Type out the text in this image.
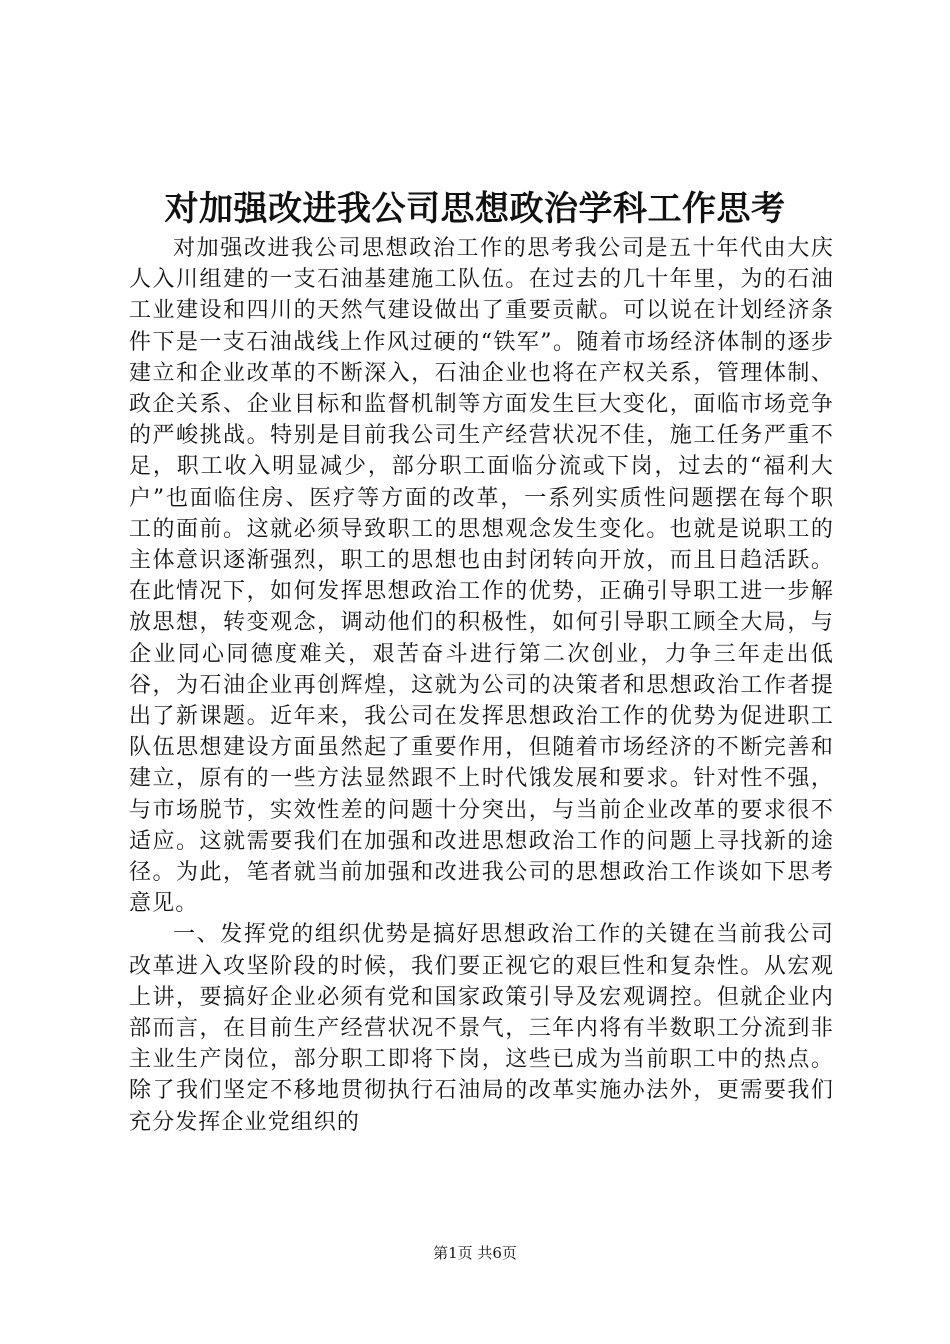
对加强改进我公司思想政治学科工作思考

对加强改进我公司思想政治工作的思考我公司是五十年代由大庆人入川组建的一支石油基建施工队伍。在过去的几十年里，为的石油工业建设和四川的天然气建设做出了重要贡献。可以说在计划经济条件下是一支石油战线上作风过硬的“铁军”。随着市场经济体制的逐步建立和企业改革的不断深入，石油企业也将在产权关系，管理体制、政企关系、企业目标和监督机制等方面发生巨大变化，面临市场竞争的严峻挑战。特别是目前我公司生产经营状况不佳，施工任务严重不足，职工收入明显减少，部分职工面临分流或下岗，过去的“福利大户”也面临住房、医疗等方面的改革，一系列实质性问题摆在每个职工的面前。这就必须导致职工的思想观念发生变化。也就是说职工的主体意识逐渐强烈，职工的思想也由封闭转向开放，而且日趋活跃。在此情况下，如何发挥思想政治工作的优势，正确引导职工进一步解放思想，转变观念，调动他们的积极性，如何引导职工顾全大局，与企业同心同德度难关，艰苦奋斗进行第二次创业，力争三年走出低谷，为石油企业再创辉煌，这就为公司的决策者和思想政治工作者提出了新课题。近年来，我公司在发挥思想政治工作的优势为促进职工队伍思想建设方面虽然起了重要作用，但随着市场经济的不断完善和建立，原有的一些方法显然跟不上时代饿发展和要求。针对性不强，与市场脱节，实效性差的问题十分突出，与当前企业改革的要求很不适应。这就需要我们在加强和改进思想政治工作的问题上寻找新的途径。为此，笔者就当前加强和改进我公司的思想政治工作谈如下思考意见。

一、发挥党的组织优势是搞好思想政治工作的关键在当前我公司改革进入攻坚阶段的时候，我们要正视它的艰巨性和复杂性。从宏观上讲，要搞好企业必须有党和国家政策引导及宏观调控。但就企业内部而言，在目前生产经营状况不景气，三年内将有半数职工分流到非主业生产岗位，部分职工即将下岗，这些已成为当前职工中的热点。除了我们坚定不移地贯彻执行石油局的改革实施办法外，更需要我们充分发挥企业党组织的

第1页 共6页
